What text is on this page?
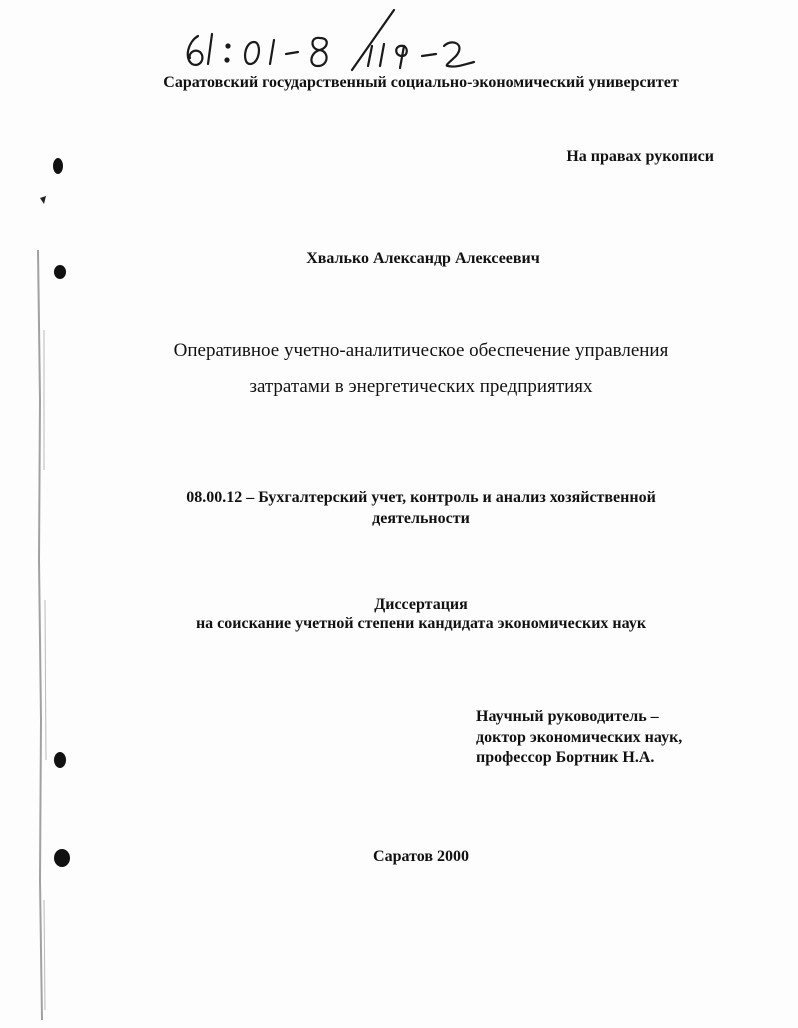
Саратовский государственный социально-экономический университет
На правах рукописи
Хвалько Александр Алексеевич
Оперативное учетно-аналитическое обеспечение управления
затратами в энергетических предприятиях
08.00.12 – Бухгалтерский учет, контроль и анализ хозяйственной
деятельности
Диссертация
на соискание учетной степени кандидата экономических наук
Научный руководитель –
доктор экономических наук,
профессор Бортник Н.А.
Саратов 2000
